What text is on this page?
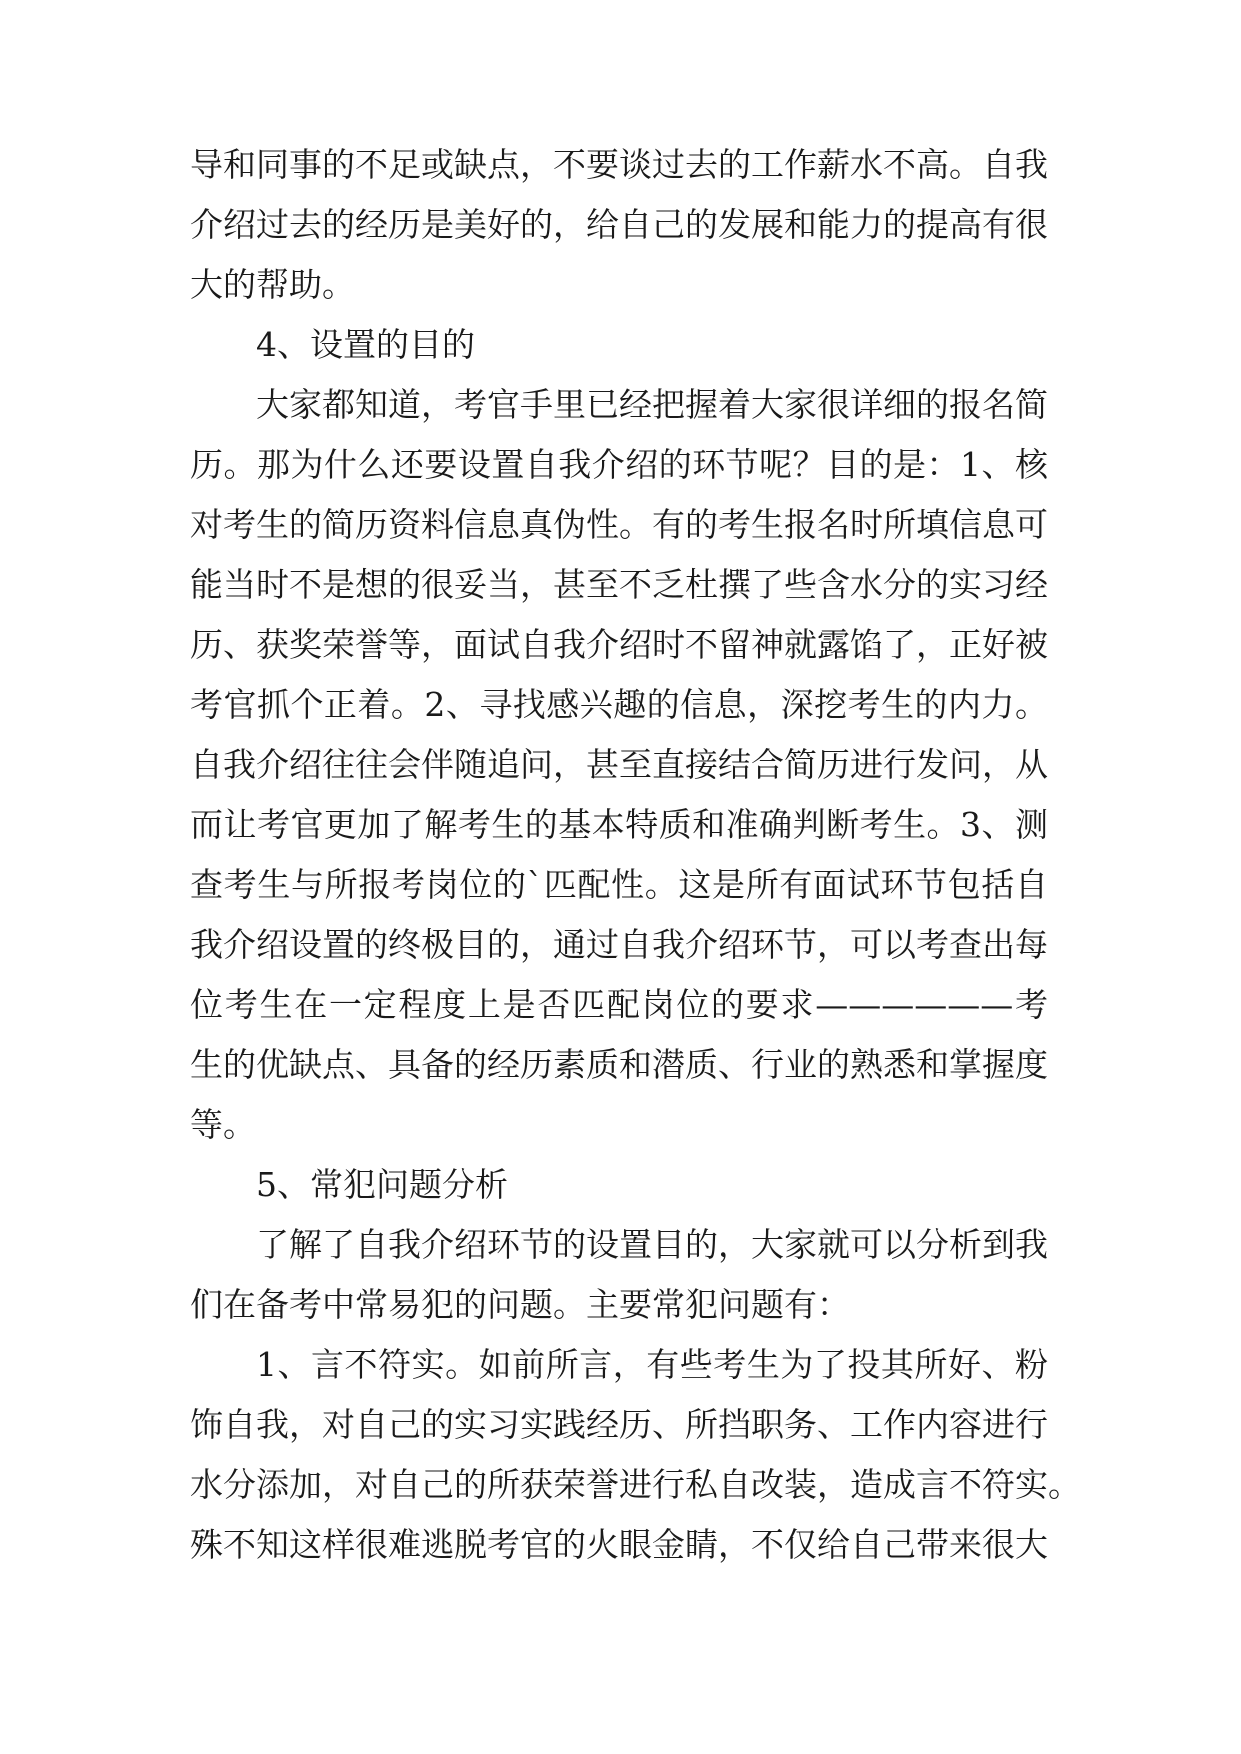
导和同事的不足或缺点，不要谈过去的工作薪水不高。自我
介绍过去的经历是美好的，给自己的发展和能力的提高有很
大的帮助。
4、设置的目的
大家都知道，考官手里已经把握着大家很详细的报名简
历。那为什么还要设置自我介绍的环节呢？目的是：1、核
对考生的简历资料信息真伪性。有的考生报名时所填信息可
能当时不是想的很妥当，甚至不乏杜撰了些含水分的实习经
历、获奖荣誉等，面试自我介绍时不留神就露馅了，正好被
考官抓个正着。2、寻找感兴趣的信息，深挖考生的内力。
自我介绍往往会伴随追问，甚至直接结合简历进行发问，从
而让考官更加了解考生的基本特质和准确判断考生。3、测
查考生与所报考岗位的`匹配性。这是所有面试环节包括自
我介绍设置的终极目的，通过自我介绍环节，可以考查出每
位考生在一定程度上是否匹配岗位的要求——————考
生的优缺点、具备的经历素质和潜质、行业的熟悉和掌握度
等。
5、常犯问题分析
了解了自我介绍环节的设置目的，大家就可以分析到我
们在备考中常易犯的问题。主要常犯问题有：
1、言不符实。如前所言，有些考生为了投其所好、粉
饰自我，对自己的实习实践经历、所挡职务、工作内容进行
水分添加，对自己的所获荣誉进行私自改装，造成言不符实。
殊不知这样很难逃脱考官的火眼金睛，不仅给自己带来很大
